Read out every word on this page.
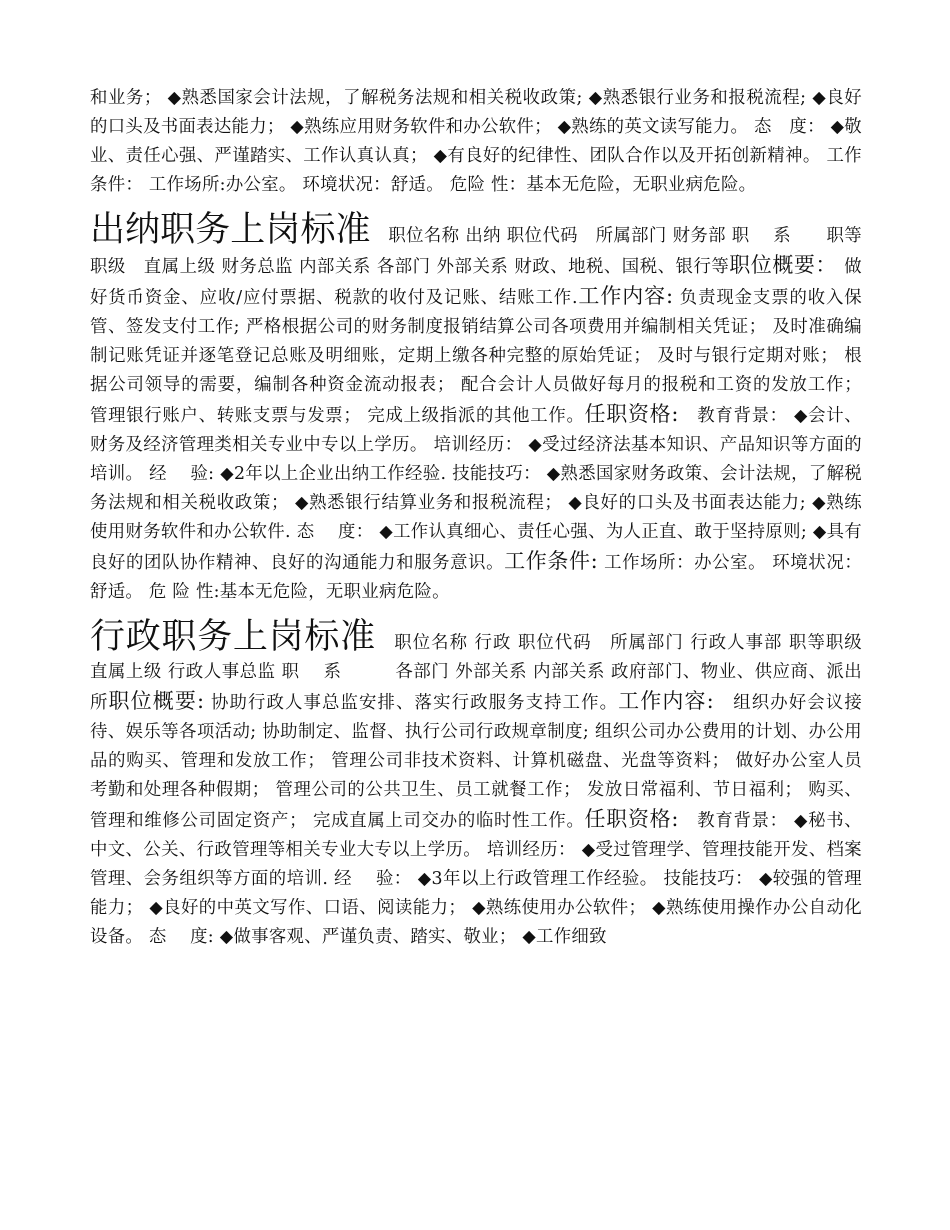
和业务； ◆熟悉国家会计法规，了解税务法规和相关税收政策; ◆熟悉银行业务和报税流程; ◆良好的口头及书面表达能力； ◆熟练应用财务软件和办公软件； ◆熟练的英文读写能力。 态　度： ◆敬业、责任心强、严谨踏实、工作认真认真； ◆有良好的纪律性、团队合作以及开拓创新精神。 工作条件： 工作场所:办公室。 环境状况：舒适。 危险 性：基本无危险，无职业病危险。

出纳职务上岗标准　职位名称 出纳 职位代码　所属部门 财务部 职　 系　　职等职级　直属上级 财务总监 内部关系 各部门 外部关系 财政、地税、国税、银行等职位概要：　做好货币资金、应收/应付票据、税款的收付及记账、结账工作.工作内容: 负责现金支票的收入保管、签发支付工作; 严格根据公司的财务制度报销结算公司各项费用并编制相关凭证； 及时准确编制记账凭证并逐笔登记总账及明细账，定期上缴各种完整的原始凭证； 及时与银行定期对账； 根据公司领导的需要，编制各种资金流动报表； 配合会计人员做好每月的报税和工资的发放工作； 管理银行账户、转账支票与发票； 完成上级指派的其他工作。任职资格:　教育背景： ◆会计、财务及经济管理类相关专业中专以上学历。 培训经历： ◆受过经济法基本知识、产品知识等方面的培训。 经　 验: ◆2年以上企业出纳工作经验. 技能技巧： ◆熟悉国家财务政策、会计法规，了解税务法规和相关税收政策； ◆熟悉银行结算业务和报税流程； ◆良好的口头及书面表达能力; ◆熟练使用财务软件和办公软件. 态　 度： ◆工作认真细心、责任心强、为人正直、敢于坚持原则; ◆具有良好的团队协作精神、良好的沟通能力和服务意识。工作条件: 工作场所：办公室。 环境状况：舒适。 危 险 性:基本无危险，无职业病危险。

行政职务上岗标准　职位名称 行政 职位代码　所属部门 行政人事部 职等职级　直属上级 行政人事总监 职　 系　　　各部门 外部关系 内部关系 政府部门、物业、供应商、派出所职位概要: 协助行政人事总监安排、落实行政服务支持工作。工作内容:　组织办好会议接待、娱乐等各项活动; 协助制定、监督、执行公司行政规章制度; 组织公司办公费用的计划、办公用品的购买、管理和发放工作； 管理公司非技术资料、计算机磁盘、光盘等资料； 做好办公室人员考勤和处理各种假期； 管理公司的公共卫生、员工就餐工作； 发放日常福利、节日福利； 购买、管理和维修公司固定资产； 完成直属上司交办的临时性工作。任职资格:　教育背景： ◆秘书、中文、公关、行政管理等相关专业大专以上学历。 培训经历： ◆受过管理学、管理技能开发、档案管理、会务组织等方面的培训. 经　 验： ◆3年以上行政管理工作经验。 技能技巧： ◆较强的管理能力； ◆良好的中英文写作、口语、阅读能力； ◆熟练使用办公软件； ◆熟练使用操作办公自动化设备。 态　 度: ◆做事客观、严谨负责、踏实、敬业； ◆工作细致
